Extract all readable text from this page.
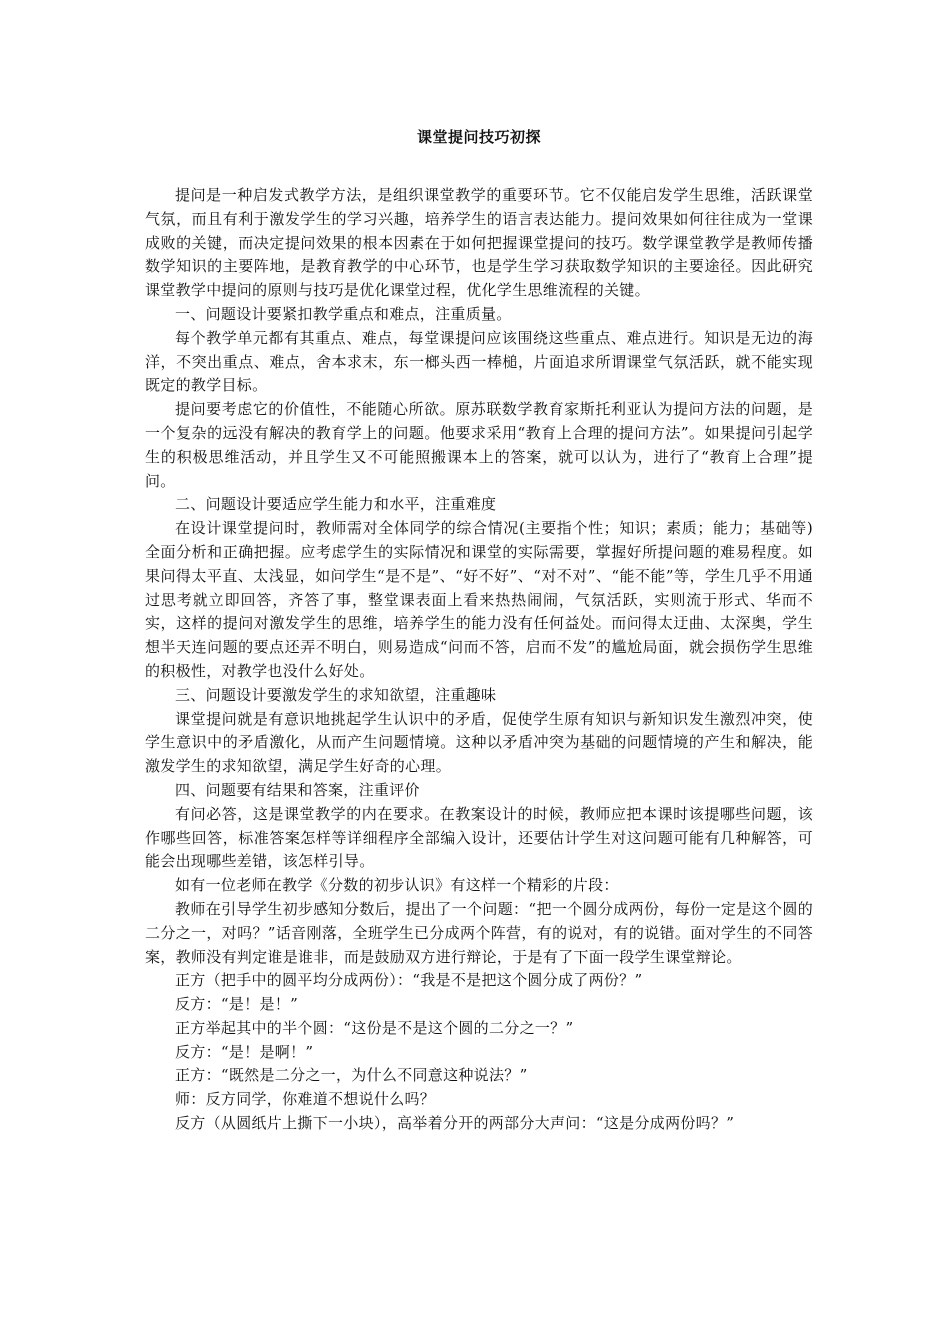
课堂提问技巧初探

提问是一种启发式教学方法，是组织课堂教学的重要环节。它不仅能启发学生思维，活跃课堂气氛，而且有利于激发学生的学习兴趣，培养学生的语言表达能力。提问效果如何往往成为一堂课成败的关键，而决定提问效果的根本因素在于如何把握课堂提问的技巧。数学课堂教学是教师传播数学知识的主要阵地，是教育教学的中心环节，也是学生学习获取数学知识的主要途径。因此研究课堂教学中提问的原则与技巧是优化课堂过程，优化学生思维流程的关键。

一、问题设计要紧扣教学重点和难点，注重质量。

每个教学单元都有其重点、难点，每堂课提问应该围绕这些重点、难点进行。知识是无边的海洋，不突出重点、难点，舍本求末，东一榔头西一棒槌，片面追求所谓课堂气氛活跃，就不能实现既定的教学目标。

提问要考虑它的价值性，不能随心所欲。原苏联数学教育家斯托利亚认为提问方法的问题，是一个复杂的远没有解决的教育学上的问题。他要求采用“教育上合理的提问方法”。如果提问引起学生的积极思维活动，并且学生又不可能照搬课本上的答案，就可以认为，进行了“教育上合理”提问。

二、问题设计要适应学生能力和水平，注重难度

在设计课堂提问时，教师需对全体同学的综合情况(主要指个性；知识；素质；能力；基础等)全面分析和正确把握。应考虑学生的实际情况和课堂的实际需要，掌握好所提问题的难易程度。如果问得太平直、太浅显，如问学生“是不是”、“好不好”、“对不对”、“能不能”等，学生几乎不用通过思考就立即回答，齐答了事，整堂课表面上看来热热闹闹，气氛活跃，实则流于形式、华而不实，这样的提问对激发学生的思维，培养学生的能力没有任何益处。而问得太迂曲、太深奥，学生想半天连问题的要点还弄不明白，则易造成“问而不答，启而不发”的尴尬局面，就会损伤学生思维的积极性，对教学也没什么好处。

三、问题设计要激发学生的求知欲望，注重趣味

课堂提问就是有意识地挑起学生认识中的矛盾，促使学生原有知识与新知识发生激烈冲突，使学生意识中的矛盾激化，从而产生问题情境。这种以矛盾冲突为基础的问题情境的产生和解决，能激发学生的求知欲望，满足学生好奇的心理。

四、问题要有结果和答案，注重评价

有问必答，这是课堂教学的内在要求。在教案设计的时候，教师应把本课时该提哪些问题，该作哪些回答，标准答案怎样等详细程序全部编入设计，还要估计学生对这问题可能有几种解答，可能会出现哪些差错，该怎样引导。

如有一位老师在教学《分数的初步认识》有这样一个精彩的片段：

教师在引导学生初步感知分数后，提出了一个问题：“把一个圆分成两份，每份一定是这个圆的二分之一，对吗？”话音刚落，全班学生已分成两个阵营，有的说对，有的说错。面对学生的不同答案，教师没有判定谁是谁非，而是鼓励双方进行辩论，于是有了下面一段学生课堂辩论。

正方（把手中的圆平均分成两份）：“我是不是把这个圆分成了两份？”

反方：“是！是！”

正方举起其中的半个圆：“这份是不是这个圆的二分之一？”

反方：“是！是啊！”

正方：“既然是二分之一，为什么不同意这种说法？”

师：反方同学，你难道不想说什么吗？

反方（从圆纸片上撕下一小块），高举着分开的两部分大声问：“这是分成两份吗？”
